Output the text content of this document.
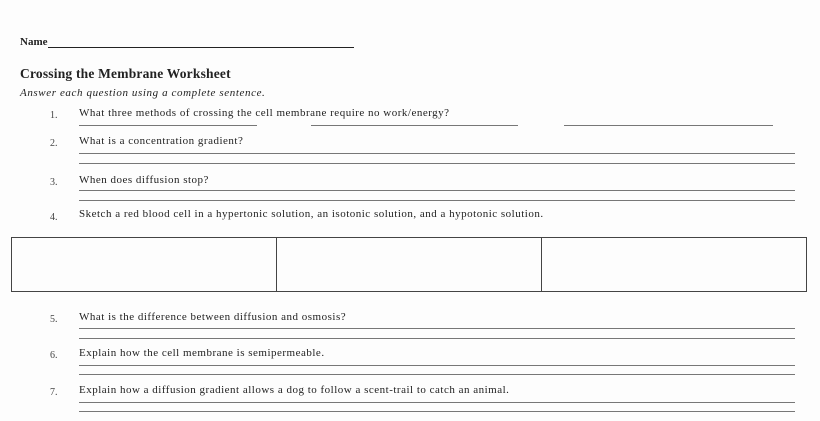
Name
Crossing the Membrane Worksheet
Answer each question using a complete sentence.
1. What three methods of crossing the cell membrane require no work/energy?
2. What is a concentration gradient?
3. When does diffusion stop?
4. Sketch a red blood cell in a hypertonic solution, an isotonic solution, and a hypotonic solution.
5. What is the difference between diffusion and osmosis?
6. Explain how the cell membrane is semipermeable.
7. Explain how a diffusion gradient allows a dog to follow a scent-trail to catch an animal.
